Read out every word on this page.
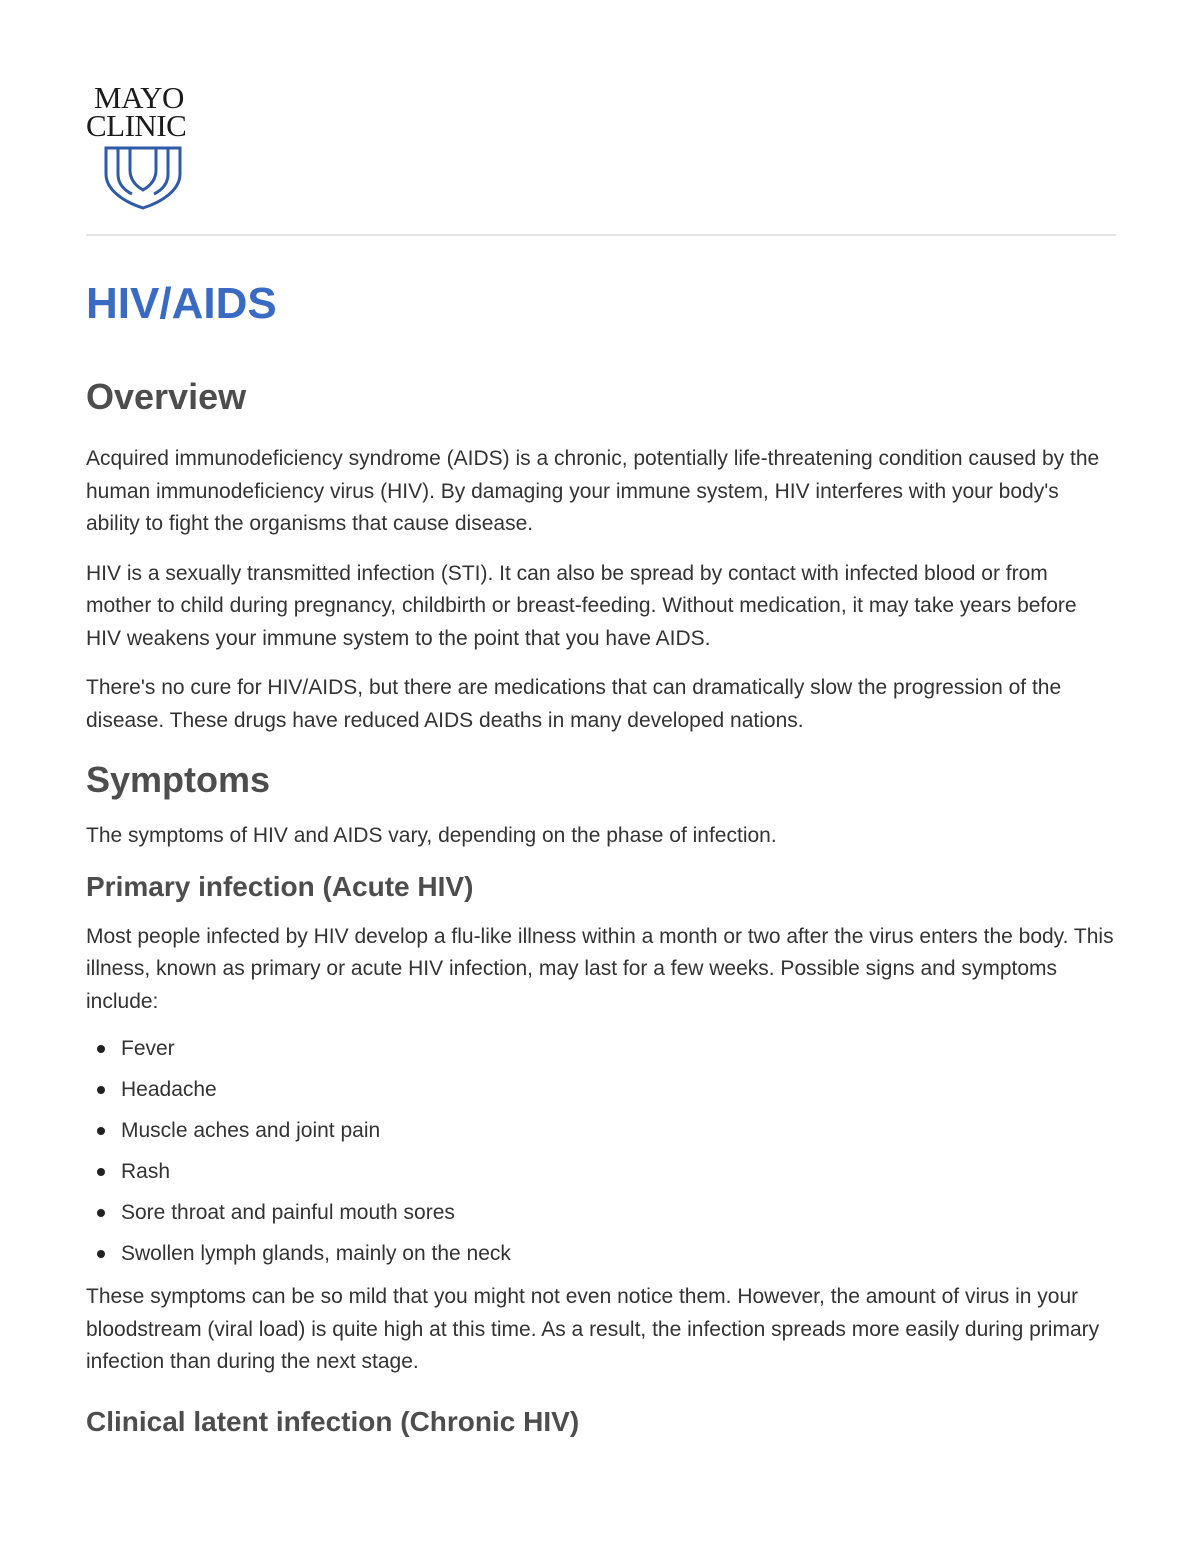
MAYO
CLINIC
HIV/AIDS
Overview

Acquired immunodeficiency syndrome (AIDS) is a chronic, potentially life-threatening condition caused by the human immunodeficiency virus (HIV). By damaging your immune system, HIV interferes with your body's ability to fight the organisms that cause disease.

HIV is a sexually transmitted infection (STI). It can also be spread by contact with infected blood or from mother to child during pregnancy, childbirth or breast-feeding. Without medication, it may take years before HIV weakens your immune system to the point that you have AIDS.

There's no cure for HIV/AIDS, but there are medications that can dramatically slow the progression of the disease. These drugs have reduced AIDS deaths in many developed nations.

Symptoms

The symptoms of HIV and AIDS vary, depending on the phase of infection.

Primary infection (Acute HIV)

Most people infected by HIV develop a flu-like illness within a month or two after the virus enters the body. This illness, known as primary or acute HIV infection, may last for a few weeks. Possible signs and symptoms include:

Fever
Headache
Muscle aches and joint pain
Rash
Sore throat and painful mouth sores
Swollen lymph glands, mainly on the neck

These symptoms can be so mild that you might not even notice them. However, the amount of virus in your bloodstream (viral load) is quite high at this time. As a result, the infection spreads more easily during primary infection than during the next stage.

Clinical latent infection (Chronic HIV)
